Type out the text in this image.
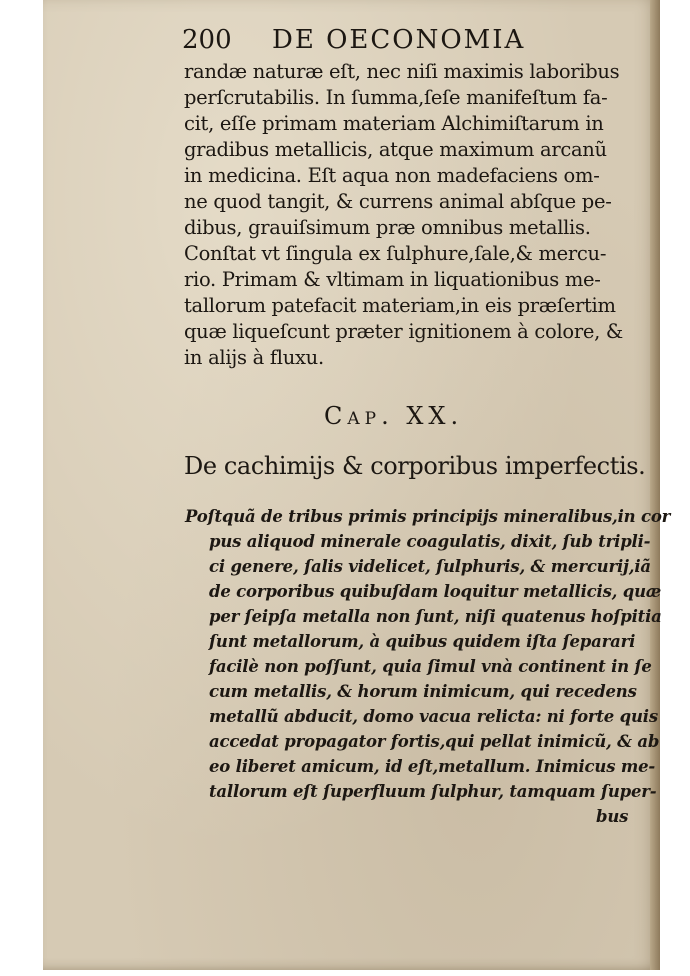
200 DE OECONOMIA
randæ naturæ eſt, nec niſi maximis laboribus
perſcrutabilis. In ſumma,ſeſe manifeſtum fa-
cit, eſſe primam materiam Alchimiſtarum in
gradibus metallicis, atque maximum arcanũ
in medicina. Eſt aqua non madefaciens om-
ne quod tangit, & currens animal abſque pe-
dibus, grauiſsimum præ omnibus metallis.
Conſtat vt ſingula ex ſulphure,ſale,& mercu-
rio. Primam & vltimam in liquationibus me-
tallorum patefacit materiam,in eis præſertim
quæ liqueſcunt præter ignitionem à colore, &
in alijs à fluxu.
Cap. XX.
De cachimijs & corporibus imperfectis.
Poſtquã de tribus primis principijs mineralibus,in cor
pus aliquod minerale coagulatis, dixit, ſub tripli-
ci genere, ſalis videlicet, ſulphuris, & mercurij,iã
de corporibus quibuſdam loquitur metallicis, quæ
per ſeipſa metalla non ſunt, niſi quatenus hoſpitia
ſunt metallorum, à quibus quidem iſta ſeparari
facilè non poſſunt, quia ſimul vnà continent in ſe
cum metallis, & horum inimicum, qui recedens
metallũ abducit, domo vacua relicta: ni forte quis
accedat propagator fortis,qui pellat inimicũ, & ab
eo liberet amicum, id eſt,metallum. Inimicus me-
tallorum eſt ſuperfluum ſulphur, tamquam ſuper-
bus
